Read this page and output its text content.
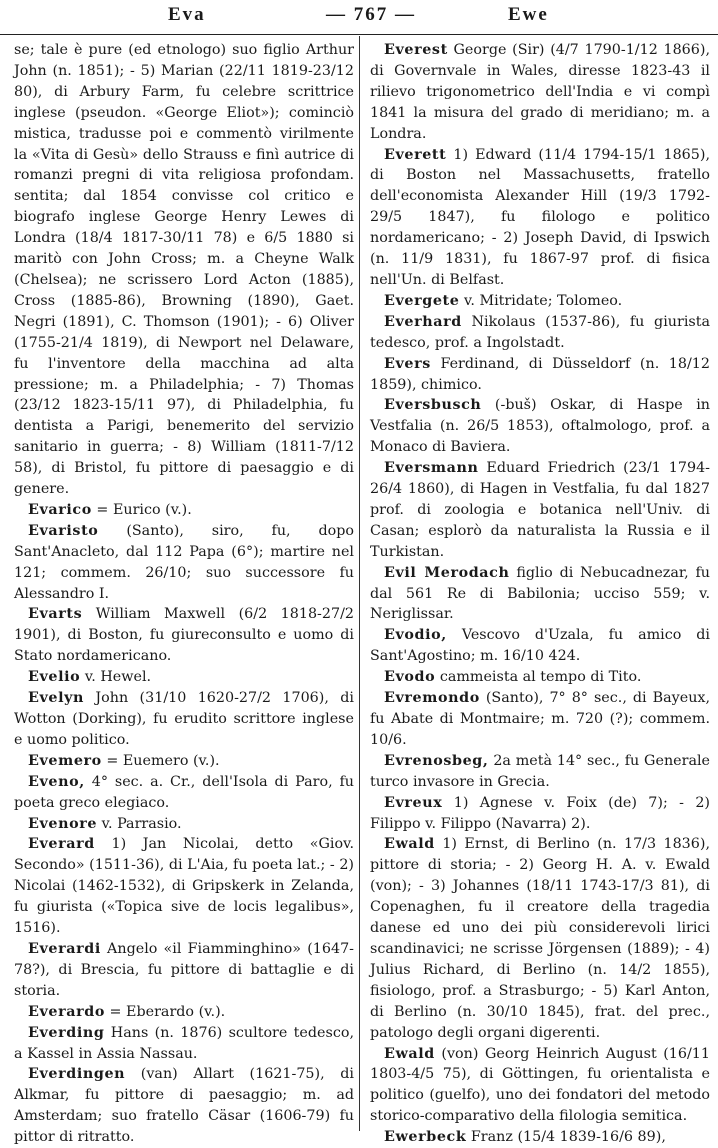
Eva	— 767 —	Ewe

se; tale è pure (ed etnologo) suo figlio Arthur John (n. 1851); - 5) Marian (22/11 1819-23/12 80), di Arbury Farm, fu celebre scrittrice inglese (pseudon. «George Eliot»); cominciò mistica, tradusse poi e commentò virilmente la «Vita di Gesù» dello Strauss e finì autrice di romanzi pregni di vita religiosa profondam. sentita; dal 1854 convisse col critico e biografo inglese George Henry Lewes di Londra (18/4 1817-30/11 78) e 6/5 1880 si maritò con John Cross; m. a Cheyne Walk (Chelsea); ne scrissero Lord Acton (1885), Cross (1885-86), Browning (1890), Gaet. Negri (1891), C. Thomson (1901); - 6) Oliver (1755-21/4 1819), di Newport nel Delaware, fu l'inventore della macchina ad alta pressione; m. a Philadelphia; - 7) Thomas (23/12 1823-15/11 97), di Philadelphia, fu dentista a Parigi, benemerito del servizio sanitario in guerra; - 8) William (1811-7/12 58), di Bristol, fu pittore di paesaggio e di genere.

Evarico = Eurico (v.).

Evaristo (Santo), siro, fu, dopo Sant'Anacleto, dal 112 Papa (6°); martire nel 121; commem. 26/10; suo successore fu Alessandro I.

Evarts William Maxwell (6/2 1818-27/2 1901), di Boston, fu giureconsulto e uomo di Stato nordamericano.

Evelio v. Hewel.

Evelyn John (31/10 1620-27/2 1706), di Wotton (Dorking), fu erudito scrittore inglese e uomo politico.

Evemero = Euemero (v.).

Eveno, 4° sec. a. Cr., dell'Isola di Paro, fu poeta greco elegiaco.

Evenore v. Parrasio.

Everard 1) Jan Nicolai, detto «Giov. Secondo» (1511-36), di L'Aia, fu poeta lat.; - 2) Nicolai (1462-1532), di Gripskerk in Zelanda, fu giurista («Topica sive de locis legalibus», 1516).

Everardi Angelo «il Fiamminghino» (1647-78?), di Brescia, fu pittore di battaglie e di storia.

Everardo = Eberardo (v.).

Everding Hans (n. 1876) scultore tedesco, a Kassel in Assia Nassau.

Everdingen (van) Allart (1621-75), di Alkmar, fu pittore di paesaggio; m. ad Amsterdam; suo fratello Cäsar (1606-79) fu pittor di ritratto.

Everest George (Sir) (4/7 1790-1/12 1866), di Governvale in Wales, diresse 1823-43 il rilievo trigonometrico dell'India e vi compì 1841 la misura del grado di meridiano; m. a Londra.

Everett 1) Edward (11/4 1794-15/1 1865), di Boston nel Massachusetts, fratello dell'economista Alexander Hill (19/3 1792-29/5 1847), fu filologo e politico nordamericano; - 2) Joseph David, di Ipswich (n. 11/9 1831), fu 1867-97 prof. di fisica nell'Un. di Belfast.

Evergete v. Mitridate; Tolomeo.

Everhard Nikolaus (1537-86), fu giurista tedesco, prof. a Ingolstadt.

Evers Ferdinand, di Düsseldorf (n. 18/12 1859), chimico.

Eversbusch (-buš) Oskar, di Haspe in Vestfalia (n. 26/5 1853), oftalmologo, prof. a Monaco di Baviera.

Eversmann Eduard Friedrich (23/1 1794-26/4 1860), di Hagen in Vestfalia, fu dal 1827 prof. di zoologia e botanica nell'Univ. di Casan; esplorò da naturalista la Russia e il Turkistan.

Evil Merodach figlio di Nebucadnezar, fu dal 561 Re di Babilonia; ucciso 559; v. Neriglissar.

Evodio, Vescovo d'Uzala, fu amico di Sant'Agostino; m. 16/10 424.

Evodo cammeista al tempo di Tito.

Evremondo (Santo), 7° 8° sec., di Bayeux, fu Abate di Montmaire; m. 720 (?); commem. 10/6.

Evrenosbeg, 2a metà 14° sec., fu Generale turco invasore in Grecia.

Evreux 1) Agnese v. Foix (de) 7); - 2) Filippo v. Filippo (Navarra) 2).

Ewald 1) Ernst, di Berlino (n. 17/3 1836), pittore di storia; - 2) Georg H. A. v. Ewald (von); - 3) Johannes (18/11 1743-17/3 81), di Copenaghen, fu il creatore della tragedia danese ed uno dei più considerevoli lirici scandinavici; ne scrisse Jörgensen (1889); - 4) Julius Richard, di Berlino (n. 14/2 1855), fisiologo, prof. a Strasburgo; - 5) Karl Anton, di Berlino (n. 30/10 1845), frat. del prec., patologo degli organi digerenti.

Ewald (von) Georg Heinrich August (16/11 1803-4/5 75), di Göttingen, fu orientalista e politico (guelfo), uno dei fondatori del metodo storico-comparativo della filologia semitica.

Ewerbeck Franz (15/4 1839-16/6 89),
